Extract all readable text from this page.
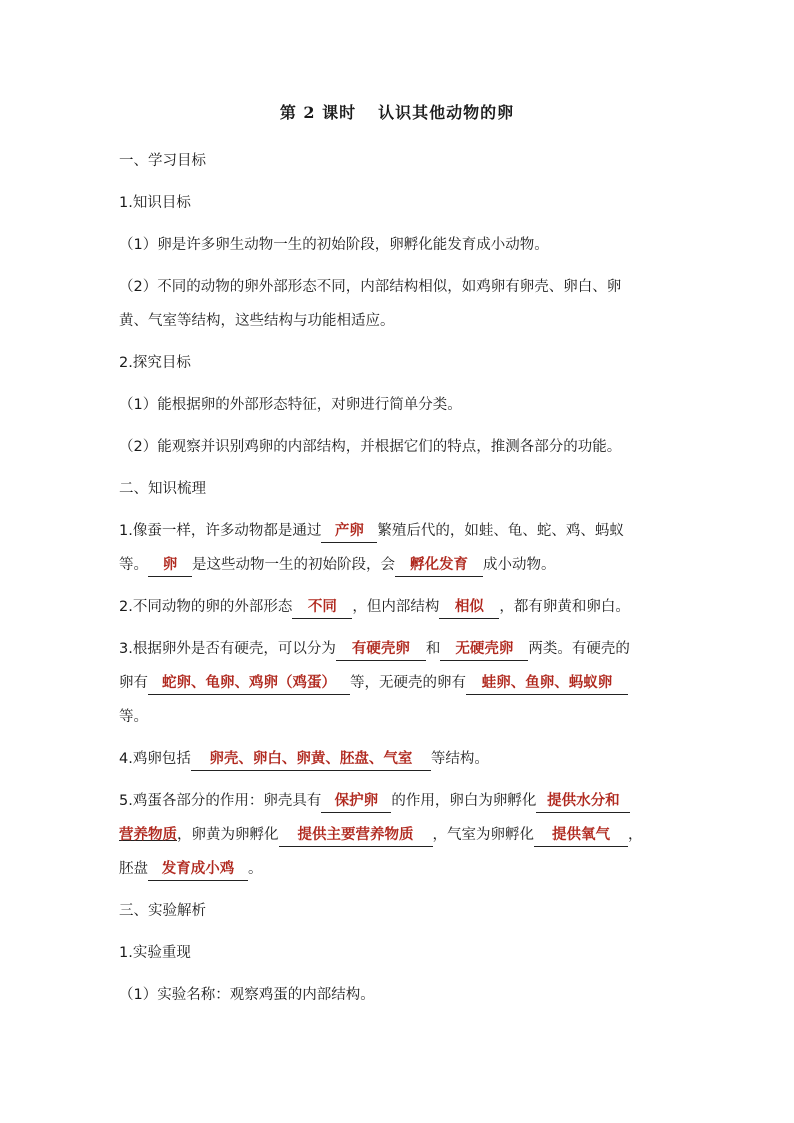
第 2 课时 认识其他动物的卵

一、学习目标

1.知识目标

（1）卵是许多卵生动物一生的初始阶段，卵孵化能发育成小动物。

（2）不同的动物的卵外部形态不同，内部结构相似，如鸡卵有卵壳、卵白、卵

黄、气室等结构，这些结构与功能相适应。

2.探究目标

（1）能根据卵的外部形态特征，对卵进行简单分类。

（2）能观察并识别鸡卵的内部结构，并根据它们的特点，推测各部分的功能。

二、知识梳理

1.像蚕一样，许多动物都是通过 产卵 繁殖后代的，如蛙、龟、蛇、鸡、蚂蚁

等。 卵 是这些动物一生的初始阶段，会 孵化发育 成小动物。

2.不同动物的卵的外部形态 不同 ，但内部结构 相似 ，都有卵黄和卵白。

3.根据卵外是否有硬壳，可以分为 有硬壳卵 和 无硬壳卵 两类。有硬壳的

卵有 蛇卵、龟卵、鸡卵（鸡蛋） 等，无硬壳的卵有 蛙卵、鱼卵、蚂蚁卵

等。

4.鸡卵包括 卵壳、卵白、卵黄、胚盘、气室 等结构。

5.鸡蛋各部分的作用：卵壳具有 保护卵 的作用，卵白为卵孵化 提供水分和

营养物质，卵黄为卵孵化 提供主要营养物质 ，气室为卵孵化 提供氧气 ，

胚盘 发育成小鸡 。

三、实验解析

1.实验重现

（1）实验名称：观察鸡蛋的内部结构。
